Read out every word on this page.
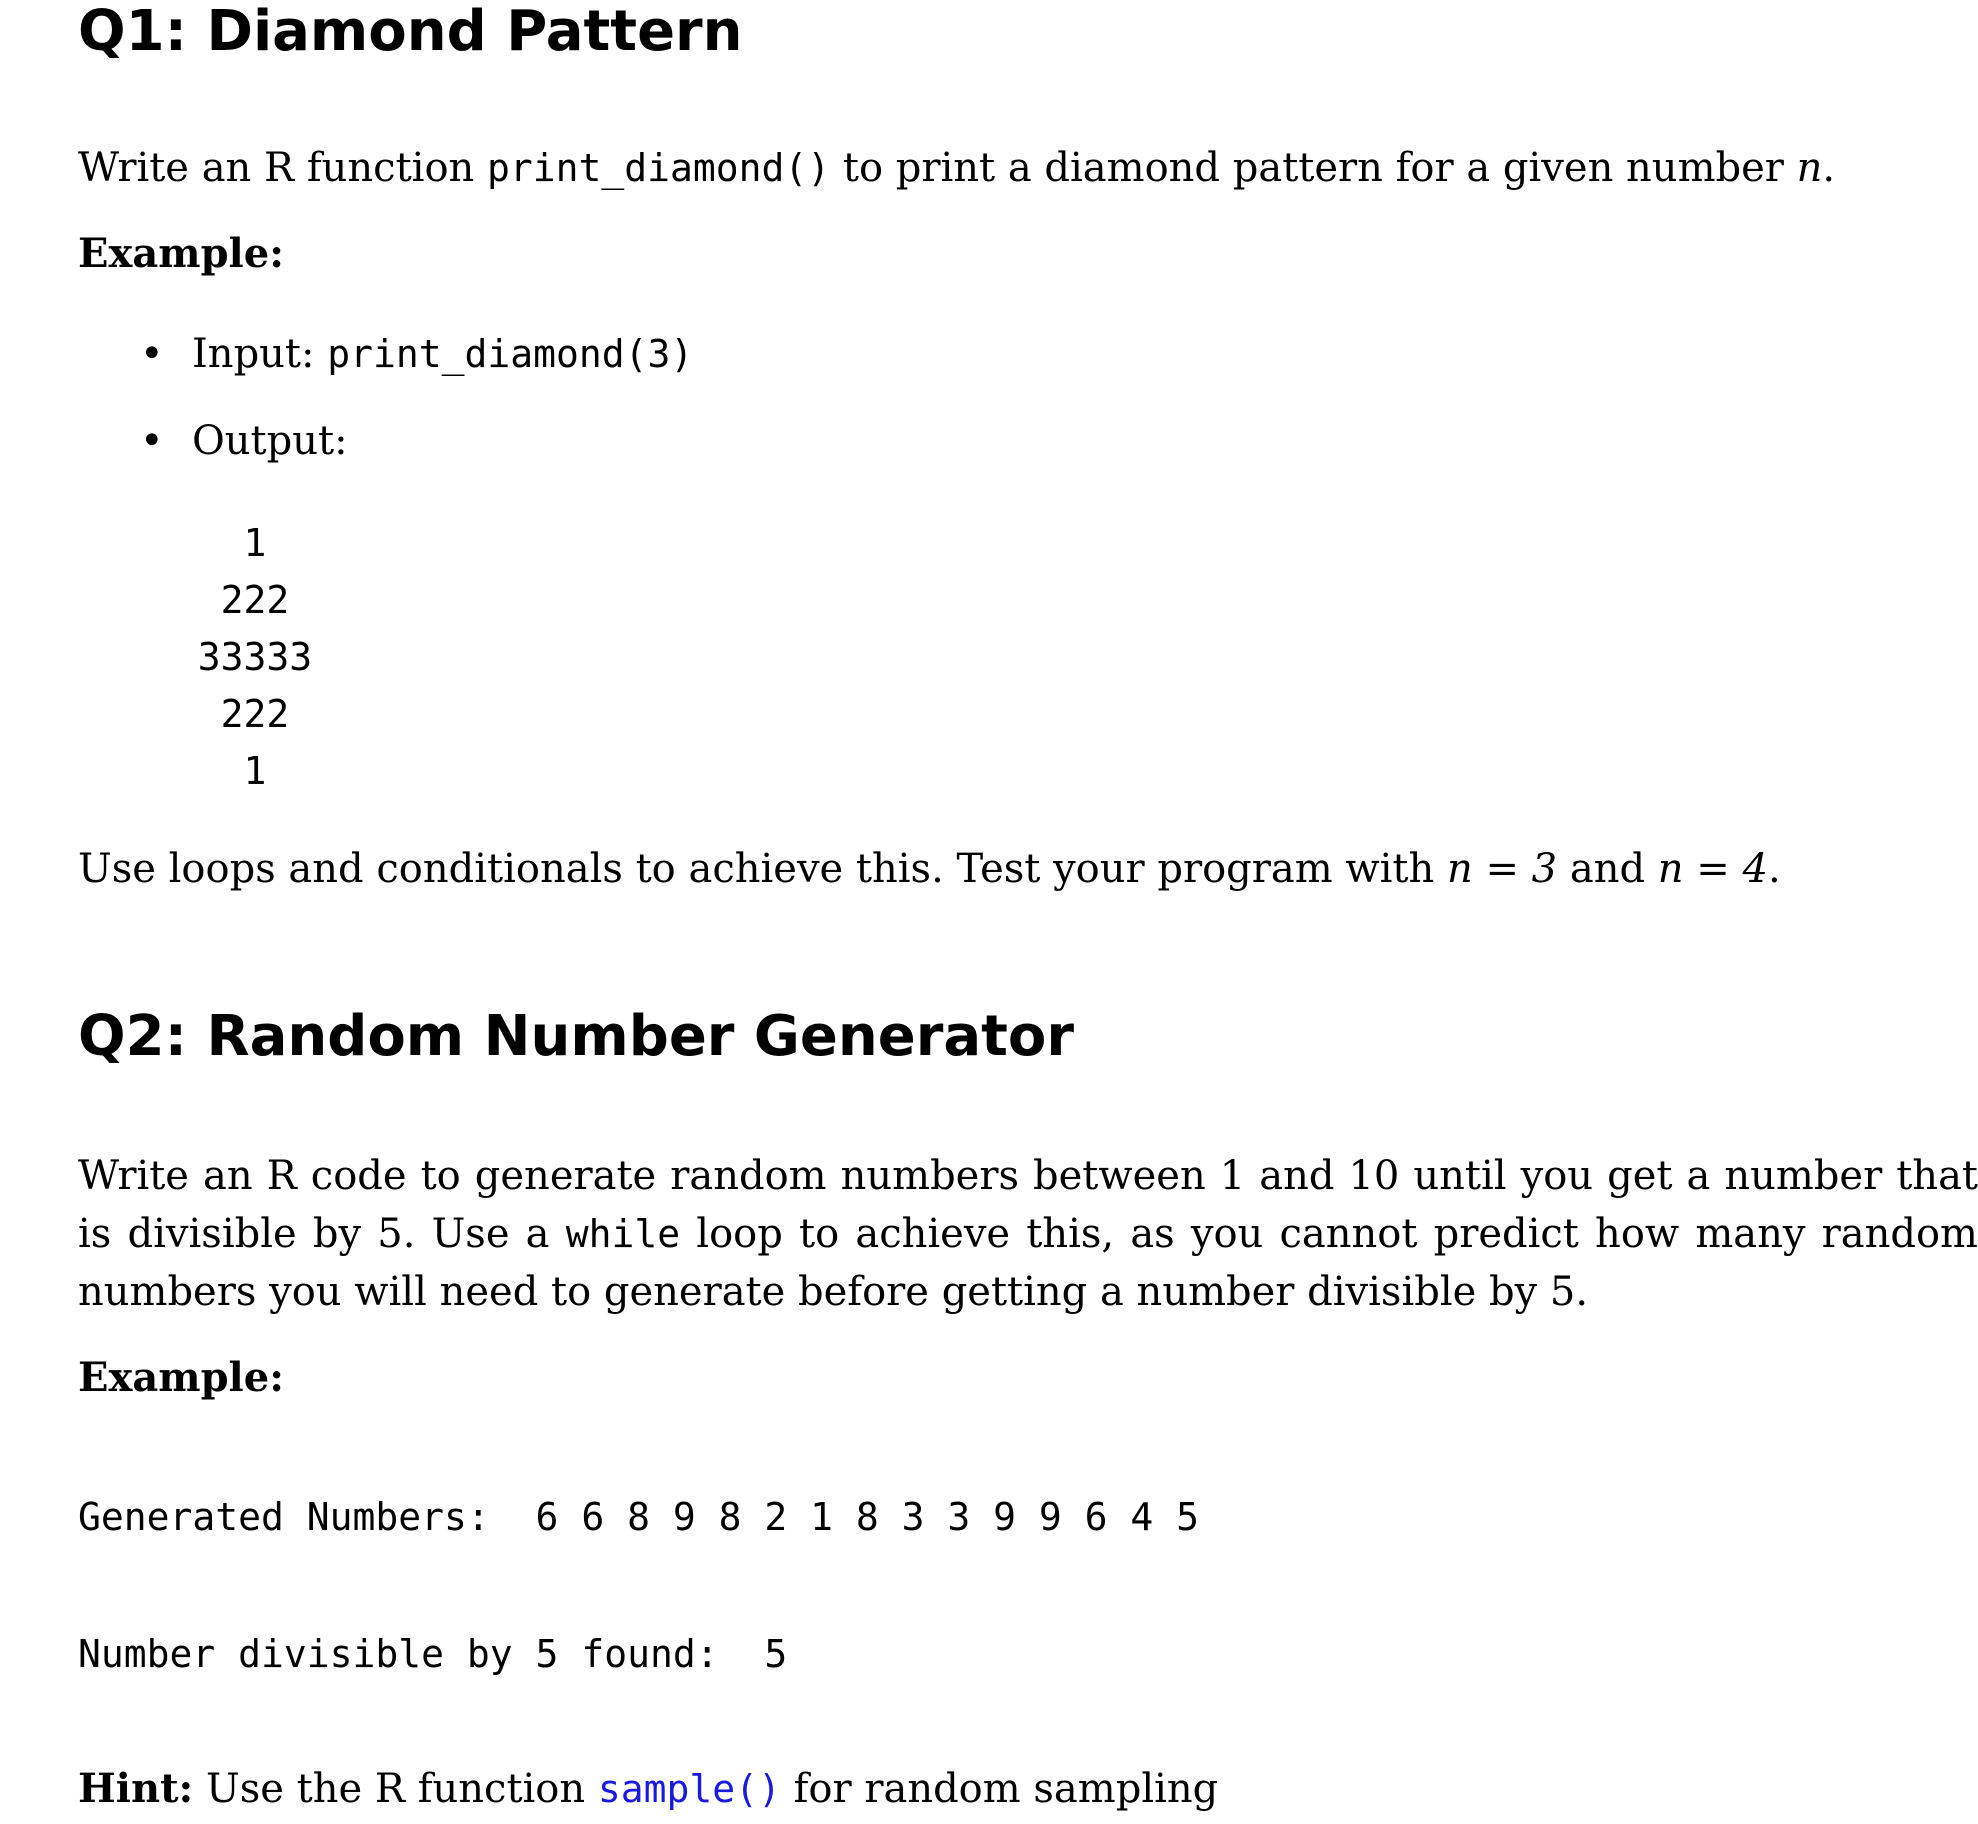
Q1: Diamond Pattern

Write an R function print_diamond() to print a diamond pattern for a given number n.

Example:

• Input: print_diamond(3)
• Output:
1
222
33333
222
1

Use loops and conditionals to achieve this. Test your program with n = 3 and n = 4.

Q2: Random Number Generator

Write an R code to generate random numbers between 1 and 10 until you get a number that is divisible by 5. Use a while loop to achieve this, as you cannot predict how many random numbers you will need to generate before getting a number divisible by 5.

Example:

Generated Numbers:  6 6 8 9 8 2 1 8 3 3 9 9 6 4 5
Number divisible by 5 found:  5

Hint: Use the R function sample() for random sampling
